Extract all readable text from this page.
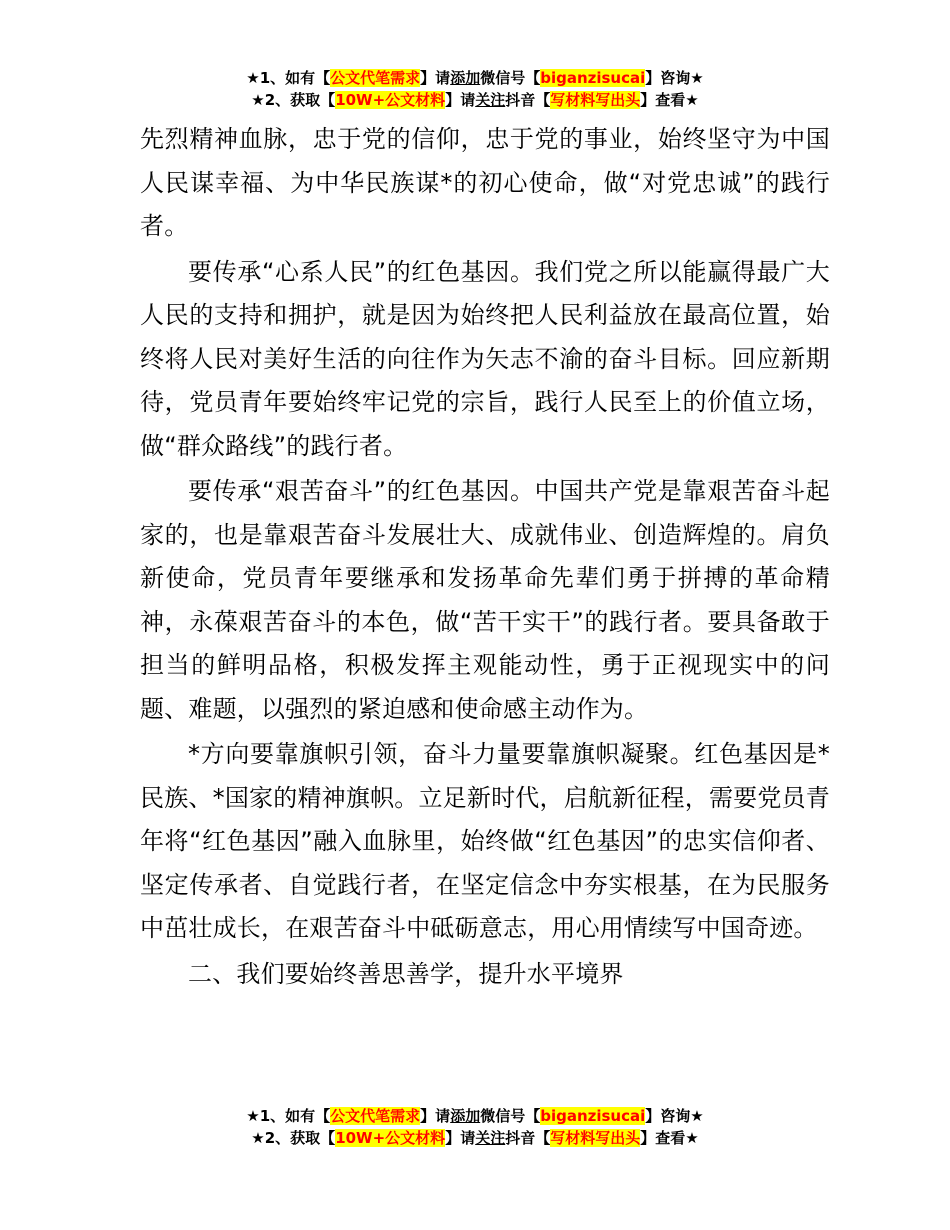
★1、如有【公文代笔需求】请添加微信号【biganzisucai】咨询★
★2、获取【10W+公文材料】请关注抖音【写材料写出头】查看★

先烈精神血脉，忠于党的信仰，忠于党的事业，始终坚守为中国人民谋幸福、为中华民族谋*的初心使命，做“对党忠诚”的践行者。

要传承“心系人民”的红色基因。我们党之所以能赢得最广大人民的支持和拥护，就是因为始终把人民利益放在最高位置，始终将人民对美好生活的向往作为矢志不渝的奋斗目标。回应新期待，党员青年要始终牢记党的宗旨，践行人民至上的价值立场，做“群众路线”的践行者。

要传承“艰苦奋斗”的红色基因。中国共产党是靠艰苦奋斗起家的，也是靠艰苦奋斗发展壮大、成就伟业、创造辉煌的。肩负新使命，党员青年要继承和发扬革命先辈们勇于拼搏的革命精神，永葆艰苦奋斗的本色，做“苦干实干”的践行者。要具备敢于担当的鲜明品格，积极发挥主观能动性，勇于正视现实中的问题、难题，以强烈的紧迫感和使命感主动作为。

*方向要靠旗帜引领，奋斗力量要靠旗帜凝聚。红色基因是*民族、*国家的精神旗帜。立足新时代，启航新征程，需要党员青年将“红色基因”融入血脉里，始终做“红色基因”的忠实信仰者、坚定传承者、自觉践行者，在坚定信念中夯实根基，在为民服务中茁壮成长，在艰苦奋斗中砥砺意志，用心用情续写中国奇迹。

二、我们要始终善思善学，提升水平境界

★1、如有【公文代笔需求】请添加微信号【biganzisucai】咨询★
★2、获取【10W+公文材料】请关注抖音【写材料写出头】查看★
